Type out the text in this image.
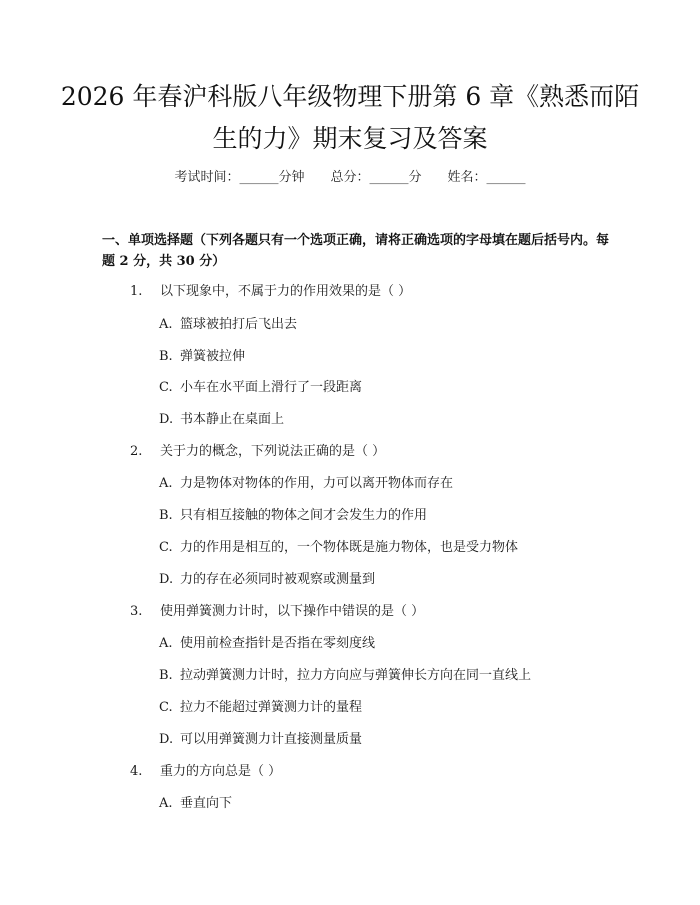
2026 年春沪科版八年级物理下册第 6 章《熟悉而陌生的力》期末复习及答案
考试时间：______分钟 总分：______分 姓名：______

一、单项选择题（下列各题只有一个选项正确，请将正确选项的字母填在题后括号内。每题 2 分，共 30 分）

1. 以下现象中，不属于力的作用效果的是（ ）
A. 篮球被拍打后飞出去
B. 弹簧被拉伸
C. 小车在水平面上滑行了一段距离
D. 书本静止在桌面上
2. 关于力的概念，下列说法正确的是（ ）
A. 力是物体对物体的作用，力可以离开物体而存在
B. 只有相互接触的物体之间才会发生力的作用
C. 力的作用是相互的，一个物体既是施力物体，也是受力物体
D. 力的存在必须同时被观察或测量到
3. 使用弹簧测力计时，以下操作中错误的是（ ）
A. 使用前检查指针是否指在零刻度线
B. 拉动弹簧测力计时，拉力方向应与弹簧伸长方向在同一直线上
C. 拉力不能超过弹簧测力计的量程
D. 可以用弹簧测力计直接测量质量
4. 重力的方向总是（ ）
A. 垂直向下
